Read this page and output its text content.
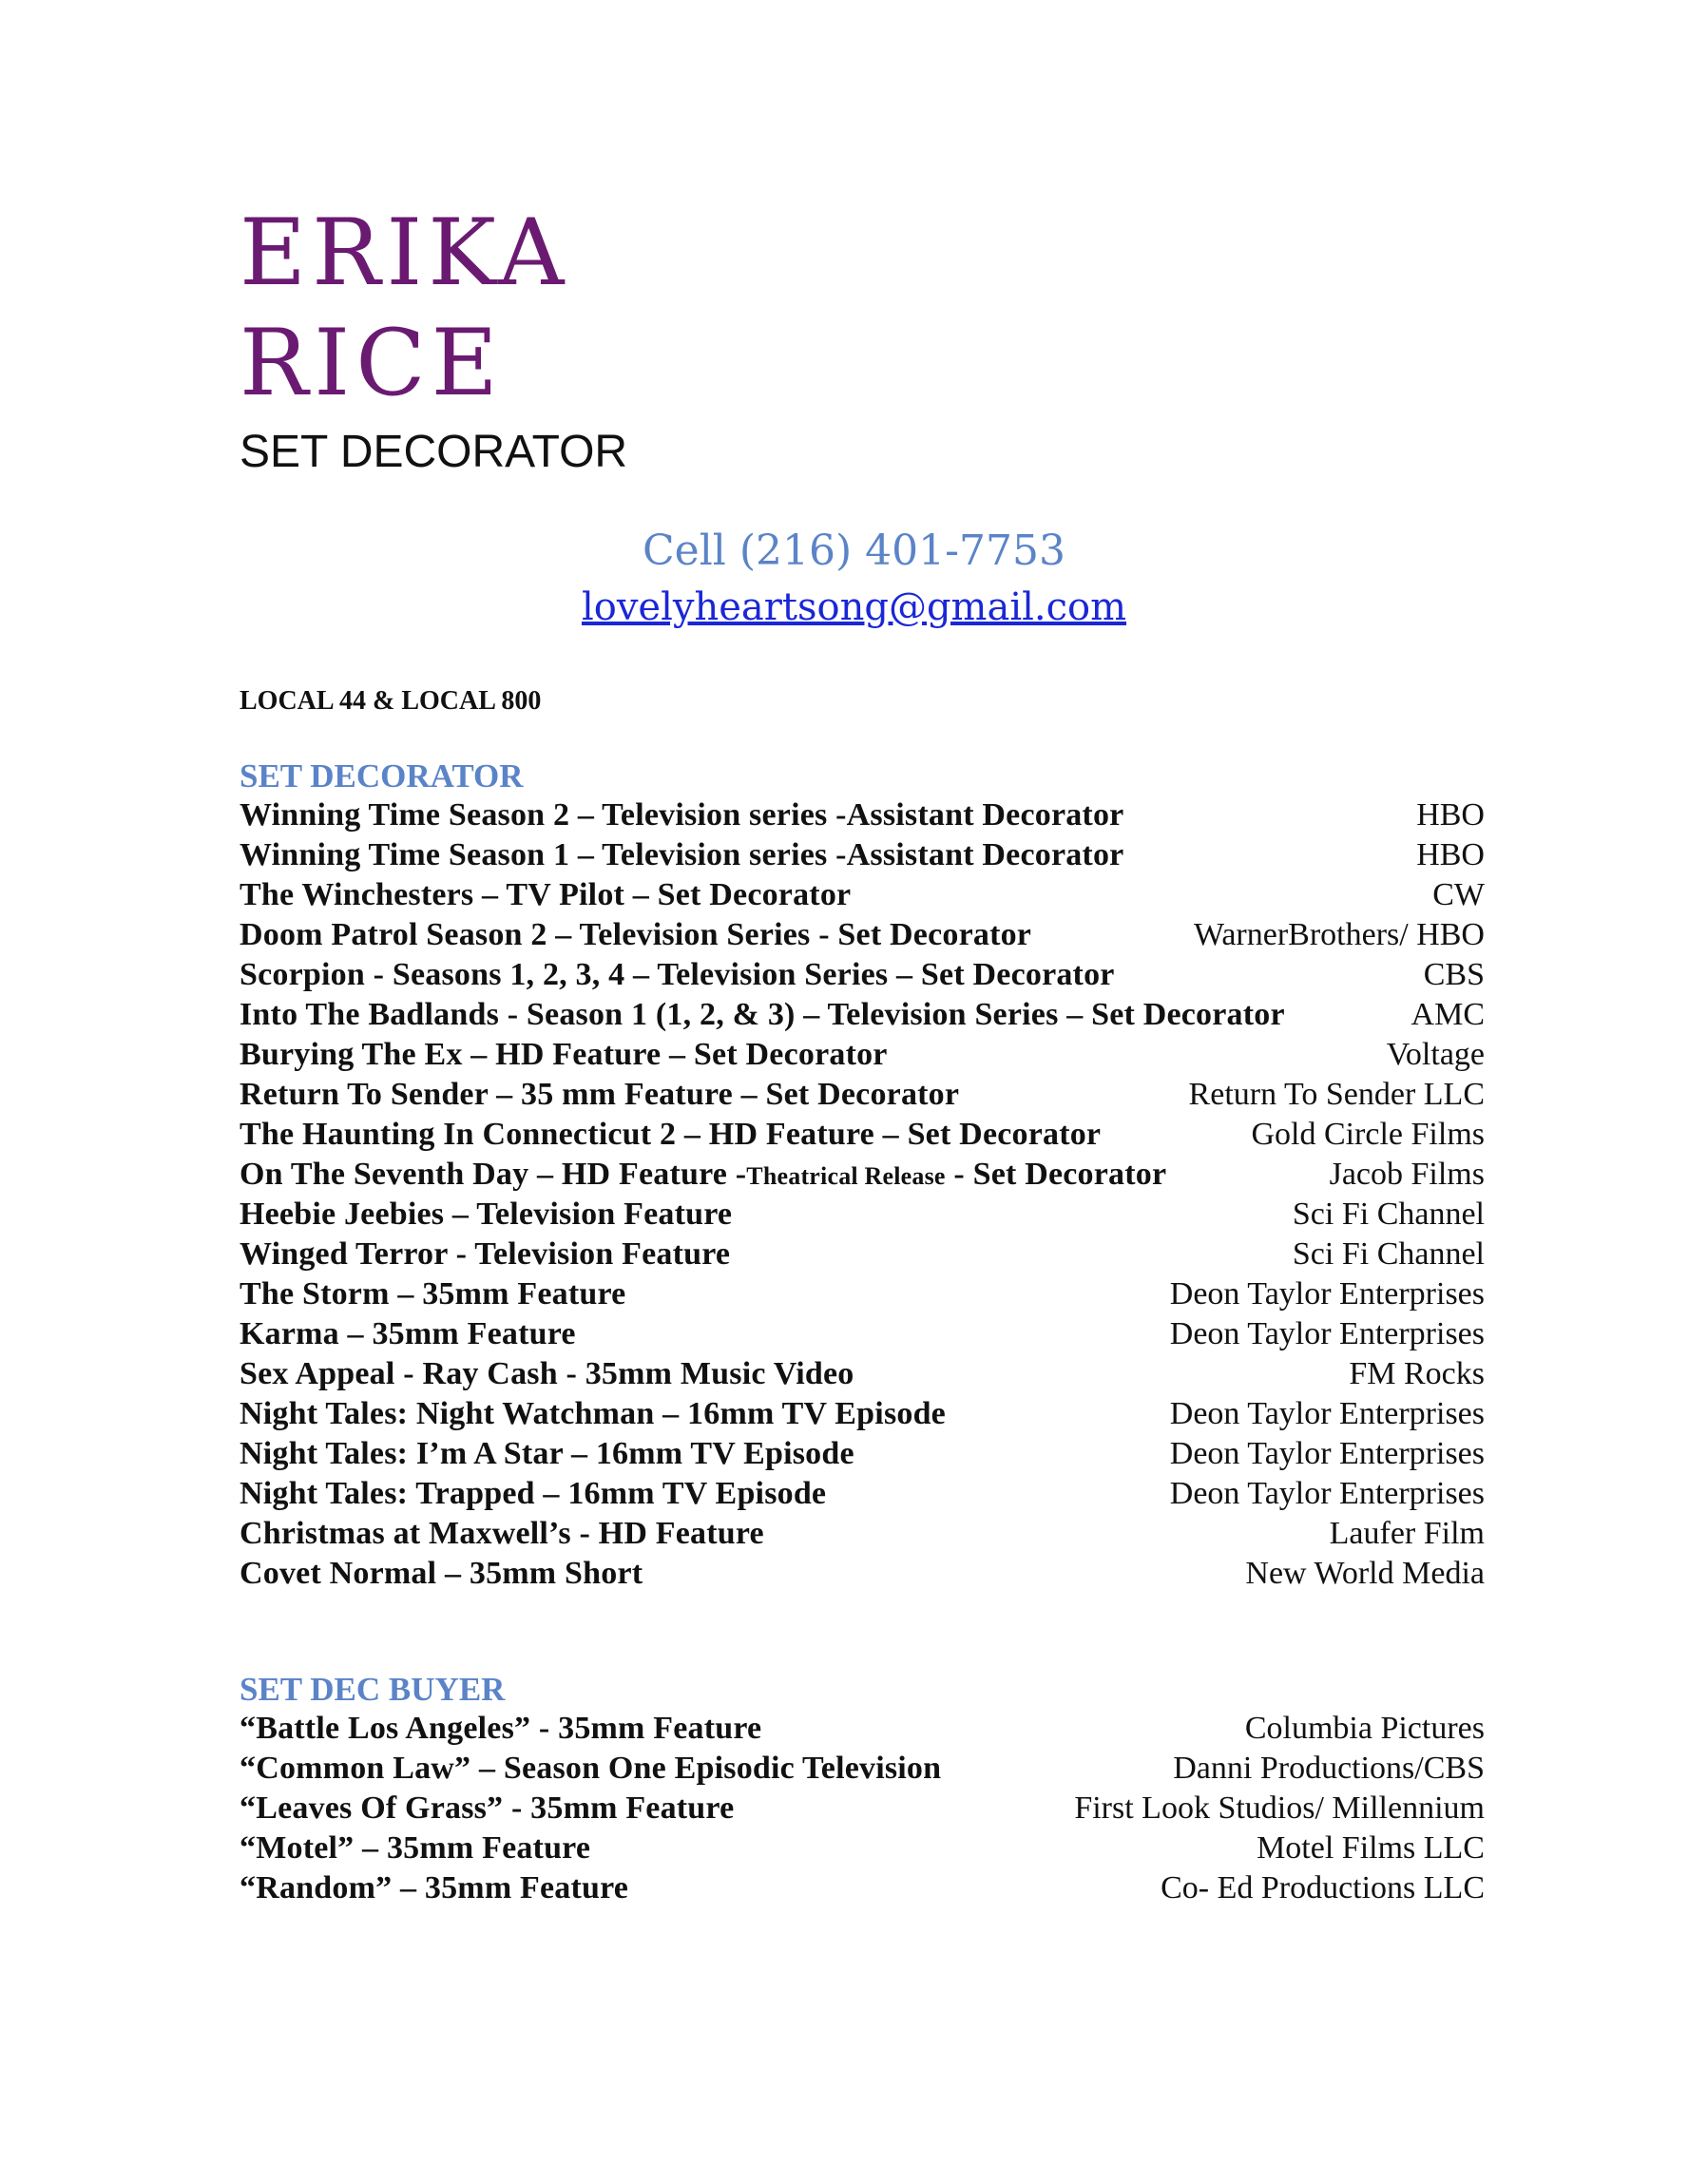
ERIKA
RICE
SET DECORATOR
Cell (216) 401-7753
lovelyheartsong@gmail.com
LOCAL 44 & LOCAL 800
SET DECORATOR
Winning Time Season 2 – Television series -Assistant Decorator	HBO
Winning Time Season 1 – Television series -Assistant Decorator	HBO
The Winchesters – TV Pilot – Set Decorator	CW
Doom Patrol Season 2 – Television Series - Set Decorator	WarnerBrothers/ HBO
Scorpion - Seasons 1, 2, 3, 4 – Television Series – Set Decorator	CBS
Into The Badlands - Season 1 (1, 2, & 3) – Television Series – Set Decorator	AMC
Burying The Ex – HD Feature – Set Decorator	Voltage
Return To Sender – 35 mm Feature – Set Decorator	Return To Sender LLC
The Haunting In Connecticut 2 – HD Feature – Set Decorator	Gold Circle Films
On The Seventh Day – HD Feature -Theatrical Release - Set Decorator	Jacob Films
Heebie Jeebies – Television Feature	Sci Fi Channel
Winged Terror - Television Feature	Sci Fi Channel
The Storm – 35mm Feature	Deon Taylor Enterprises
Karma – 35mm Feature	Deon Taylor Enterprises
Sex Appeal - Ray Cash - 35mm Music Video	FM Rocks
Night Tales: Night Watchman – 16mm TV Episode	Deon Taylor Enterprises
Night Tales: I’m A Star – 16mm TV Episode	Deon Taylor Enterprises
Night Tales: Trapped – 16mm TV Episode	Deon Taylor Enterprises
Christmas at Maxwell’s - HD Feature	Laufer Film
Covet Normal – 35mm Short	New World Media
SET DEC BUYER
“Battle Los Angeles” - 35mm Feature	Columbia Pictures
“Common Law” – Season One Episodic Television	Danni Productions/CBS
“Leaves Of Grass” - 35mm Feature	First Look Studios/ Millennium
“Motel” – 35mm Feature	Motel Films LLC
“Random” – 35mm Feature	Co- Ed Productions LLC
